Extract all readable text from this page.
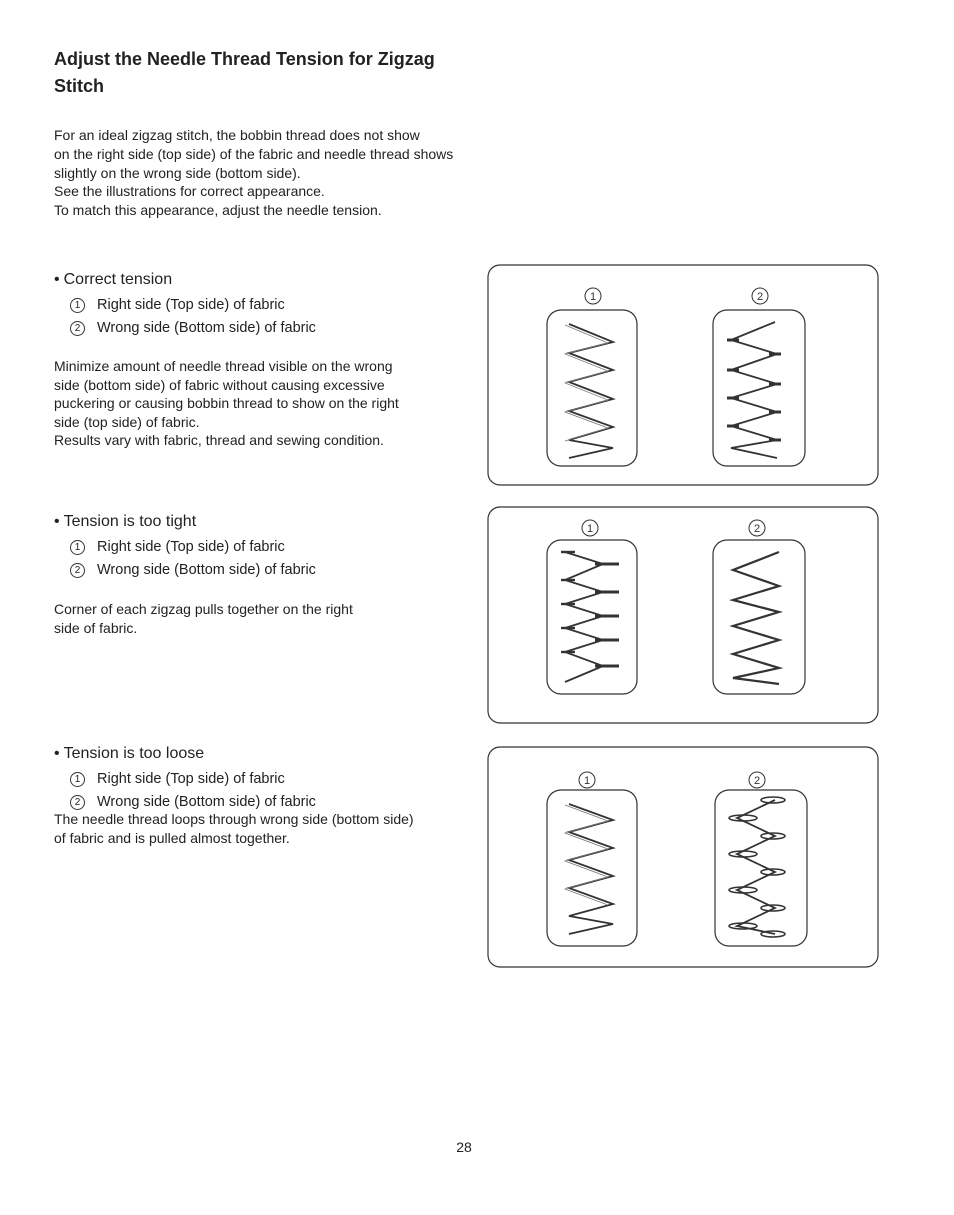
Adjust the Needle Thread Tension for Zigzag
Stitch
For an ideal zigzag stitch, the bobbin thread does not show
on the right side (top side) of the fabric and needle thread shows
slightly on the wrong side (bottom side).
See the illustrations for correct appearance.
To match this appearance, adjust the needle tension.
• Correct tension
1	Right side (Top side) of fabric
2	Wrong side (Bottom side) of fabric
Minimize amount of needle thread visible on the wrong
side (bottom side) of fabric without causing excessive
puckering or causing bobbin thread to show on the right
side (top side) of fabric.
Results vary with fabric, thread and sewing condition.
• Tension is too tight
1	Right side (Top side) of fabric
2	Wrong side (Bottom side) of fabric
Corner of each zigzag pulls together on the right
side of fabric.
• Tension is too loose
1	Right side (Top side) of fabric
2	Wrong side (Bottom side) of fabric
The needle thread loops through wrong side (bottom side)
of fabric and is pulled almost together.
1	2
1	2
1	2
28
